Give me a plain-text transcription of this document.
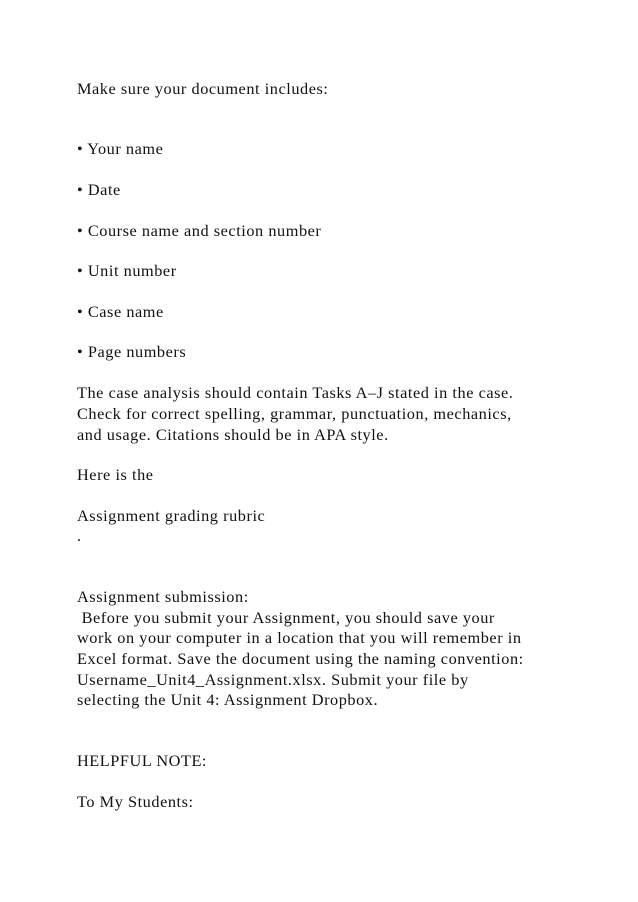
Make sure your document includes:
• Your name
• Date
• Course name and section number
• Unit number
• Case name
• Page numbers
The case analysis should contain Tasks A–J stated in the case.
Check for correct spelling, grammar, punctuation, mechanics,
and usage. Citations should be in APA style.
Here is the
Assignment grading rubric
.
Assignment submission:
Before you submit your Assignment, you should save your
work on your computer in a location that you will remember in
Excel format. Save the document using the naming convention:
Username_Unit4_Assignment.xlsx. Submit your file by
selecting the Unit 4: Assignment Dropbox.
HELPFUL NOTE:
To My Students:
